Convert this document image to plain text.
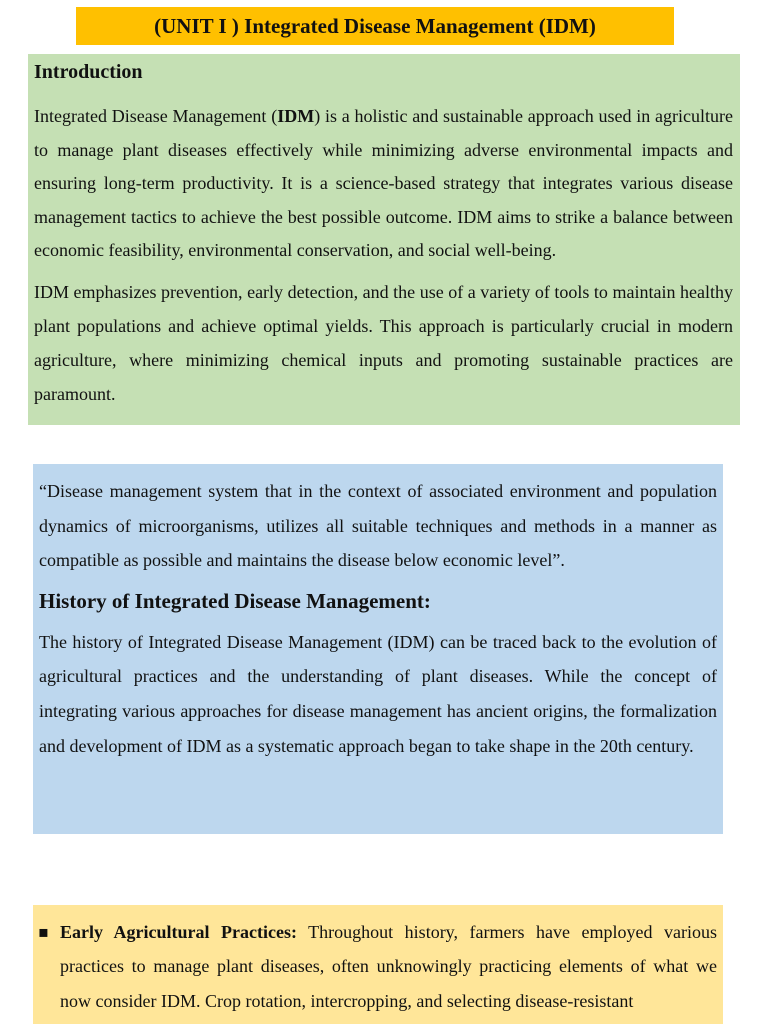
(UNIT I ) Integrated Disease Management (IDM)
Introduction

Integrated Disease Management (IDM) is a holistic and sustainable approach used in agriculture to manage plant diseases effectively while minimizing adverse environmental impacts and ensuring long-term productivity. It is a science-based strategy that integrates various disease management tactics to achieve the best possible outcome. IDM aims to strike a balance between economic feasibility, environmental conservation, and social well-being.

IDM emphasizes prevention, early detection, and the use of a variety of tools to maintain healthy plant populations and achieve optimal yields. This approach is particularly crucial in modern agriculture, where minimizing chemical inputs and promoting sustainable practices are paramount.

“Disease management system that in the context of associated environment and population dynamics of microorganisms, utilizes all suitable techniques and methods in a manner as compatible as possible and maintains the disease below economic level”.

History of Integrated Disease Management:

The history of Integrated Disease Management (IDM) can be traced back to the evolution of agricultural practices and the understanding of plant diseases. While the concept of integrating various approaches for disease management has ancient origins, the formalization and development of IDM as a systematic approach began to take shape in the 20th century.

▪ Early Agricultural Practices: Throughout history, farmers have employed various practices to manage plant diseases, often unknowingly practicing elements of what we now consider IDM. Crop rotation, intercropping, and selecting disease-resistant
